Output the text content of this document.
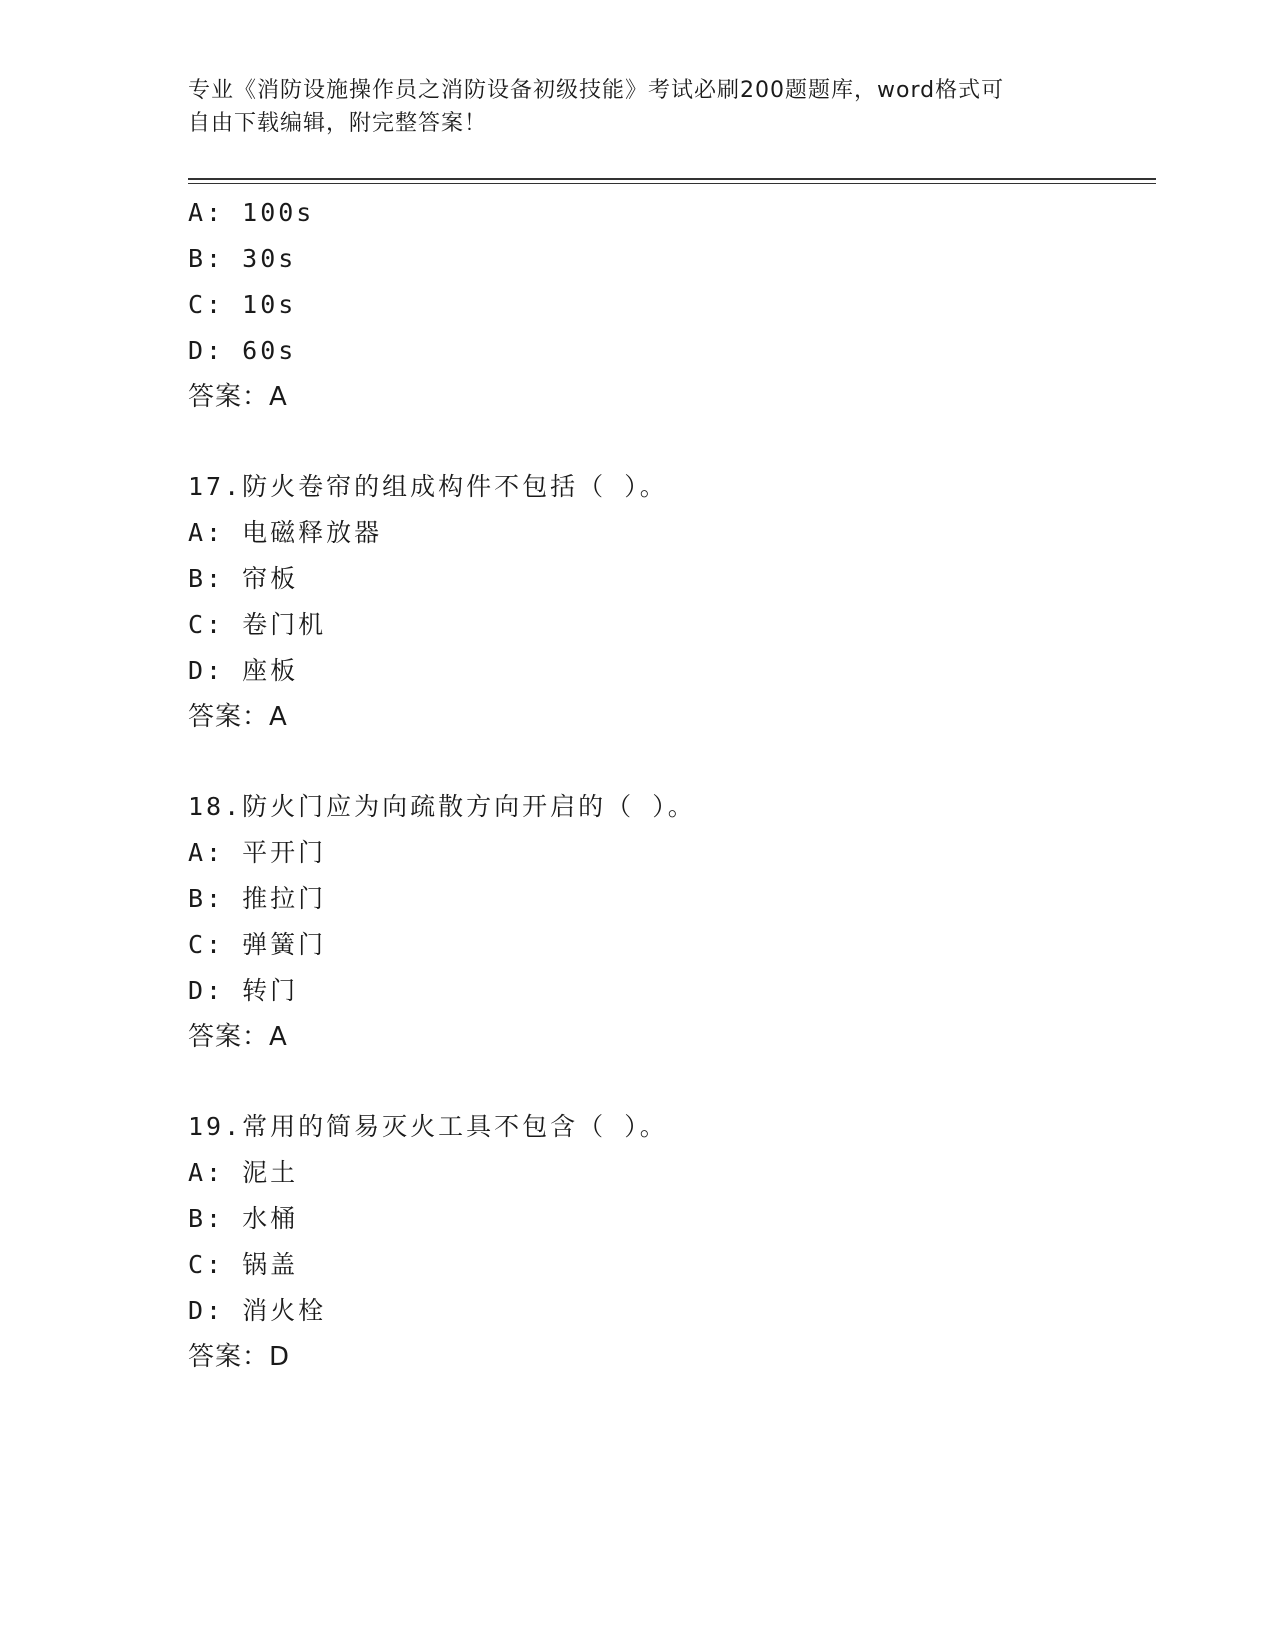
专业《消防设施操作员之消防设备初级技能》考试必刷200题题库，word格式可
自由下载编辑，附完整答案！
A: 100s
B: 30s
C: 10s
D: 60s
答案：A
17.防火卷帘的组成构件不包括（ ）。
A: 电磁释放器
B: 帘板
C: 卷门机
D: 座板
答案：A
18.防火门应为向疏散方向开启的（ ）。
A: 平开门
B: 推拉门
C: 弹簧门
D: 转门
答案：A
19.常用的简易灭火工具不包含（ ）。
A: 泥土
B: 水桶
C: 锅盖
D: 消火栓
答案：D
